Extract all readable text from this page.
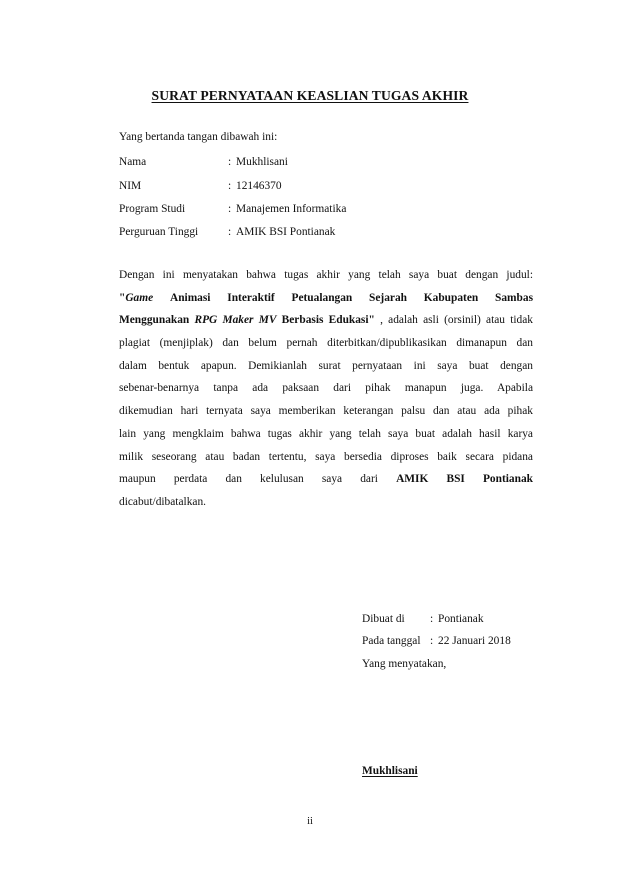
SURAT PERNYATAAN KEASLIAN TUGAS AKHIR
Yang bertanda tangan dibawah ini:
Nama	: Mukhlisani
NIM	: 12146370
Program Studi	: Manajemen Informatika
Perguruan Tinggi	: AMIK BSI Pontianak
Dengan ini menyatakan bahwa tugas akhir yang telah saya buat dengan judul:
"Game Animasi Interaktif Petualangan Sejarah Kabupaten Sambas
Menggunakan RPG Maker MV Berbasis Edukasi" , adalah asli (orsinil) atau tidak
plagiat (menjiplak) dan belum pernah diterbitkan/dipublikasikan dimanapun dan
dalam bentuk apapun. Demikianlah surat pernyataan ini saya buat dengan
sebenar-benarnya tanpa ada paksaan dari pihak manapun juga. Apabila
dikemudian hari ternyata saya memberikan keterangan palsu dan atau ada pihak
lain yang mengklaim bahwa tugas akhir yang telah saya buat adalah hasil karya
milik seseorang atau badan tertentu, saya bersedia diproses baik secara pidana
maupun perdata dan kelulusan saya dari AMIK BSI Pontianak
dicabut/dibatalkan.
Dibuat di : Pontianak
Pada tanggal : 22 Januari 2018
Yang menyatakan,
Mukhlisani
ii
